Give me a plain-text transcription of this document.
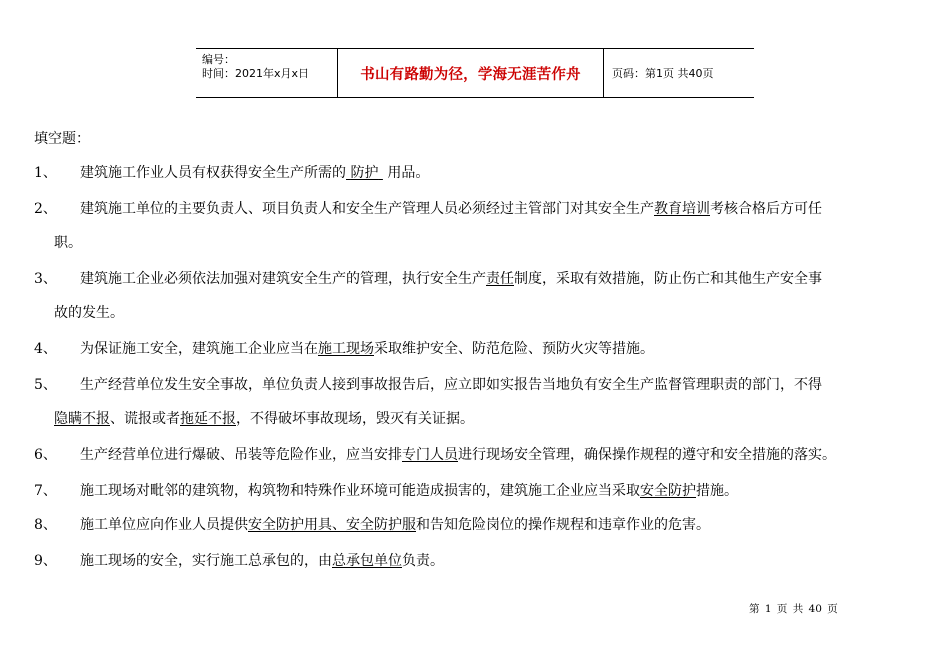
编号：
时间：2021年x月x日	书山有路勤为径，学海无涯苦作舟	页码：第1页 共40页
填空题：
1、	建筑施工作业人员有权获得安全生产所需的 防护 用品。
2、	建筑施工单位的主要负责人、项目负责人和安全生产管理人员必须经过主管部门对其安全生产教育培训考核合格后方可任
职。
3、	建筑施工企业必须依法加强对建筑安全生产的管理，执行安全生产责任制度，采取有效措施，防止伤亡和其他生产安全事
故的发生。
4、	为保证施工安全，建筑施工企业应当在施工现场采取维护安全、防范危险、预防火灾等措施。
5、	生产经营单位发生安全事故，单位负责人接到事故报告后，应立即如实报告当地负有安全生产监督管理职责的部门，不得
隐瞒不报、谎报或者拖延不报，不得破坏事故现场，毁灭有关证据。
6、	生产经营单位进行爆破、吊装等危险作业，应当安排专门人员进行现场安全管理，确保操作规程的遵守和安全措施的落实。
7、	施工现场对毗邻的建筑物，构筑物和特殊作业环境可能造成损害的，建筑施工企业应当采取安全防护措施。
8、	施工单位应向作业人员提供安全防护用具、安全防护服和告知危险岗位的操作规程和违章作业的危害。
9、	施工现场的安全，实行施工总承包的，由总承包单位负责。
第 1 页 共 40 页
